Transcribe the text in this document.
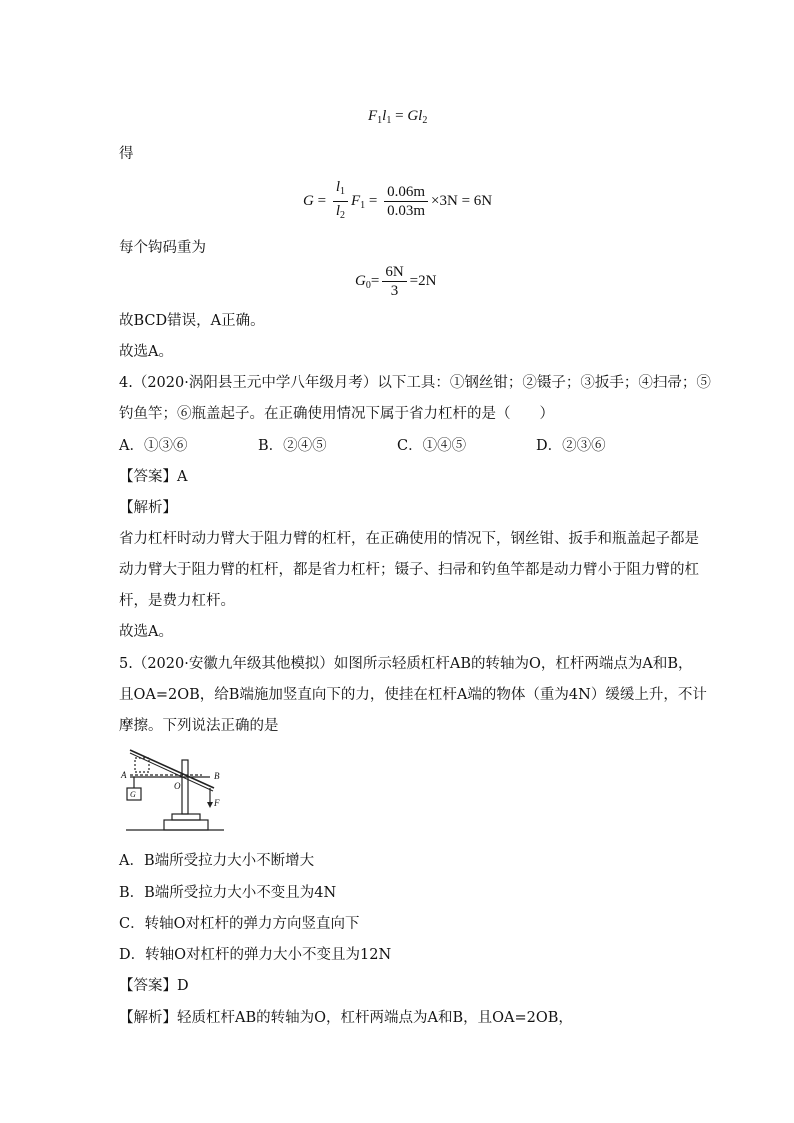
$F_1l_1 = Gl_2$
得
$G = \frac{l_1}{l_2} F_1 = \frac{0.06m}{0.03m} \times 3N = 6N$
每个钩码重为
$G_0= \frac{6N}{3} =2N$
故BCD错误，A正确。
故选A。
4.（2020·涡阳县王元中学八年级月考）以下工具：①钢丝钳；②镊子；③扳手；④扫帚；⑤
钓鱼竿；⑥瓶盖起子。在正确使用情况下属于省力杠杆的是（　　）
A．①③⑥	B．②④⑤	C．①④⑤	D．②③⑥
【答案】A
【解析】
省力杠杆时动力臂大于阻力臂的杠杆，在正确使用的情况下，钢丝钳、扳手和瓶盖起子都是
动力臂大于阻力臂的杠杆，都是省力杠杆；镊子、扫帚和钓鱼竿都是动力臂小于阻力臂的杠
杆，是费力杠杆。
故选A。
5.（2020·安徽九年级其他模拟）如图所示轻质杠杆AB的转轴为O，杠杆两端点为A和B，
且OA=2OB，给B端施加竖直向下的力，使挂在杠杆A端的物体（重为4N）缓缓上升，不计
摩擦。下列说法正确的是
A
G
O
B
F
A．B端所受拉力大小不断增大
B．B端所受拉力大小不变且为4N
C．转轴O对杠杆的弹力方向竖直向下
D．转轴O对杠杆的弹力大小不变且为12N
【答案】D
【解析】轻质杠杆AB的转轴为O，杠杆两端点为A和B，且OA=2OB，
